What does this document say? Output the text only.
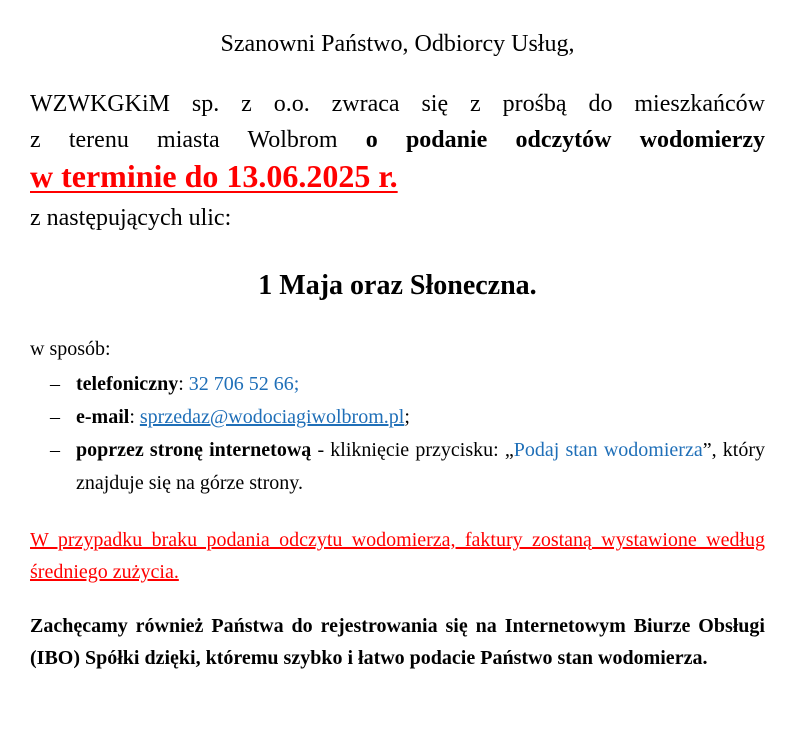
Szanowni Państwo, Odbiorcy Usług,

WZWKGKiM sp. z o.o. zwraca się z prośbą do mieszkańców
z terenu miasta Wolbrom o podanie odczytów wodomierzy
w terminie do 13.06.2025 r.
z następujących ulic:

1 Maja oraz Słoneczna.

w sposób:

– telefoniczny: 32 706 52 66;
– e-mail: sprzedaz@wodociagiwolbrom.pl;
– poprzez stronę internetową - kliknięcie przycisku: „Podaj stan wodomierza”, który znajduje się na górze strony.

W przypadku braku podania odczytu wodomierza, faktury zostaną wystawione według średniego zużycia.

Zachęcamy również Państwa do rejestrowania się na Internetowym Biurze Obsługi (IBO) Spółki dzięki, któremu szybko i łatwo podacie Państwo stan wodomierza.
